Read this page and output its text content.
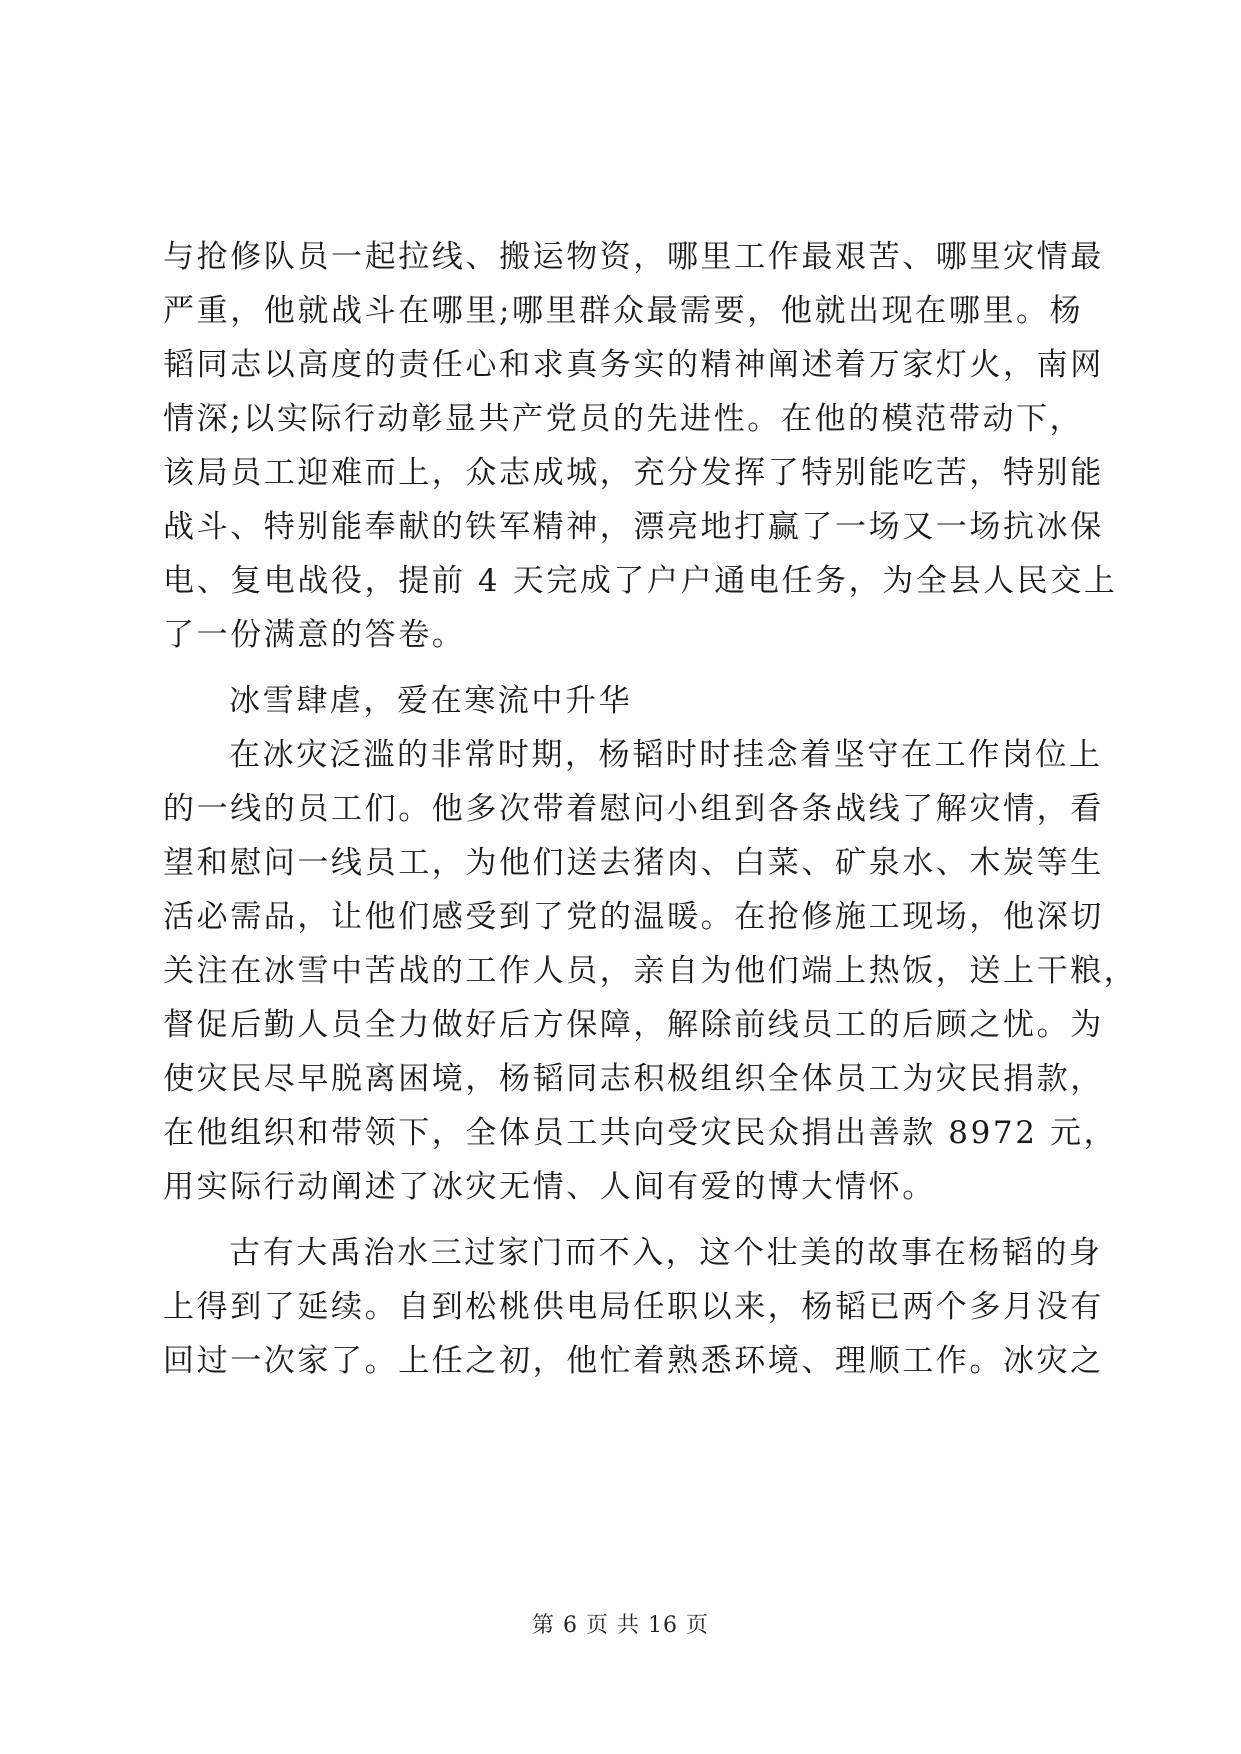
与抢修队员一起拉线、搬运物资，哪里工作最艰苦、哪里灾情最
严重，他就战斗在哪里;哪里群众最需要，他就出现在哪里。杨
韬同志以高度的责任心和求真务实的精神阐述着万家灯火，南网
情深;以实际行动彰显共产党员的先进性。在他的模范带动下，
该局员工迎难而上，众志成城，充分发挥了特别能吃苦，特别能
战斗、特别能奉献的铁军精神，漂亮地打赢了一场又一场抗冰保
电、复电战役，提前 4 天完成了户户通电任务，为全县人民交上
了一份满意的答卷。
冰雪肆虐，爱在寒流中升华
在冰灾泛滥的非常时期，杨韬时时挂念着坚守在工作岗位上
的一线的员工们。他多次带着慰问小组到各条战线了解灾情，看
望和慰问一线员工，为他们送去猪肉、白菜、矿泉水、木炭等生
活必需品，让他们感受到了党的温暖。在抢修施工现场，他深切
关注在冰雪中苦战的工作人员，亲自为他们端上热饭，送上干粮，
督促后勤人员全力做好后方保障，解除前线员工的后顾之忧。为
使灾民尽早脱离困境，杨韬同志积极组织全体员工为灾民捐款，
在他组织和带领下，全体员工共向受灾民众捐出善款 8972 元，
用实际行动阐述了冰灾无情、人间有爱的博大情怀。
古有大禹治水三过家门而不入，这个壮美的故事在杨韬的身
上得到了延续。自到松桃供电局任职以来，杨韬已两个多月没有
回过一次家了。上任之初，他忙着熟悉环境、理顺工作。冰灾之
第 6 页 共 16 页
